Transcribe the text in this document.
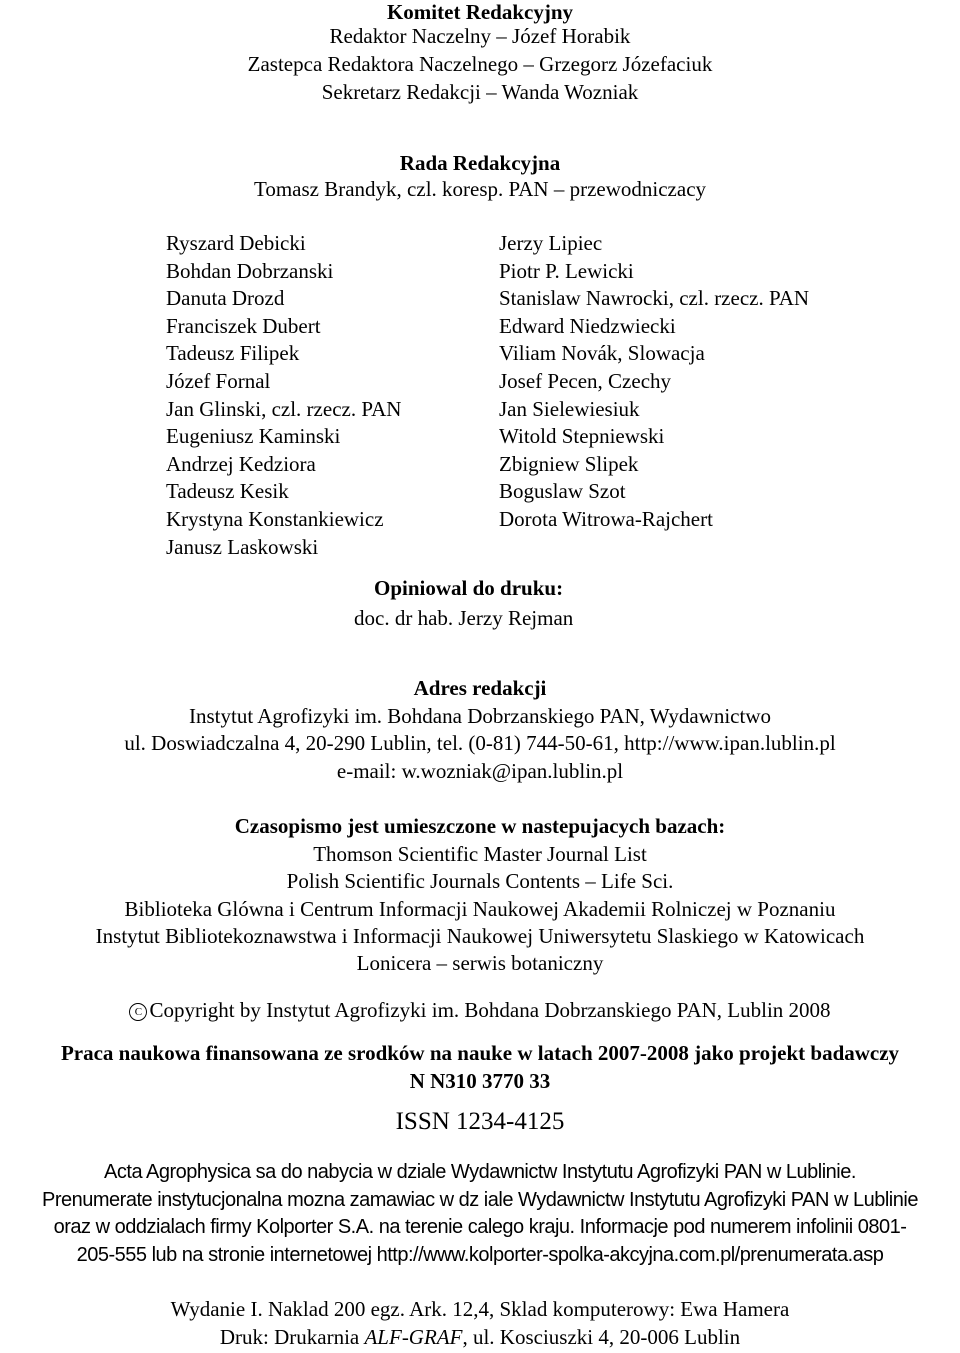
Komitet Redakcyjny
Redaktor Naczelny – Józef Horabik
Zastepca Redaktora Naczelnego – Grzegorz Józefaciuk
Sekretarz Redakcji – Wanda Wozniak
Rada Redakcyjna
Tomasz Brandyk, czl. koresp. PAN – przewodniczacy
Ryszard Debicki
Bohdan Dobrzanski
Danuta Drozd
Franciszek Dubert
Tadeusz Filipek
Józef Fornal
Jan Glinski, czl. rzecz. PAN
Eugeniusz Kaminski
Andrzej Kedziora
Tadeusz Kesik
Krystyna Konstankiewicz
Janusz Laskowski
Jerzy Lipiec
Piotr P. Lewicki
Stanislaw Nawrocki, czl. rzecz. PAN
Edward Niedzwiecki
Viliam Novák, Slowacja
Josef Pecen, Czechy
Jan Sielewiesiuk
Witold Stepniewski
Zbigniew Slipek
Boguslaw Szot
Dorota Witrowa-Rajchert
Opiniowal do druku:
doc. dr hab. Jerzy Rejman
Adres redakcji
Instytut Agrofizyki im. Bohdana Dobrzanskiego PAN, Wydawnictwo
ul. Doswiadczalna 4, 20-290 Lublin, tel. (0-81) 744-50-61, http://www.ipan.lublin.pl
e-mail: w.wozniak@ipan.lublin.pl
Czasopismo jest umieszczone w nastepujacych bazach:
Thomson Scientific Master Journal List
Polish Scientific Journals Contents – Life Sci.
Biblioteka Glówna i Centrum Informacji Naukowej Akademii Rolniczej w Poznaniu
Instytut Bibliotekoznawstwa i Informacji Naukowej Uniwersytetu Slaskiego w Katowicach
Lonicera – serwis botaniczny
C Copyright by Instytut Agrofizyki im. Bohdana Dobrzanskiego PAN, Lublin 2008
Praca naukowa finansowana ze srodków na nauke w latach 2007-2008 jako projekt badawczy
N N310 3770 33
ISSN 1234-4125
Acta Agrophysica sa do nabycia w dziale Wydawnictw Instytutu Agrofizyki PAN w Lublinie.
Prenumerate instytucjonalna mozna zamawiac w dz iale Wydawnictw Instytutu Agrofizyki PAN w Lublinie
oraz w oddzialach firmy Kolporter S.A. na terenie calego kraju. Informacje pod numerem infolinii 0801-
205-555 lub na stronie internetowej http://www.kolporter-spolka-akcyjna.com.pl/prenumerata.asp
Wydanie I. Naklad 200 egz. Ark. 12,4, Sklad komputerowy: Ewa Hamera
Druk: Drukarnia ALF-GRAF, ul. Kosciuszki 4, 20-006 Lublin
